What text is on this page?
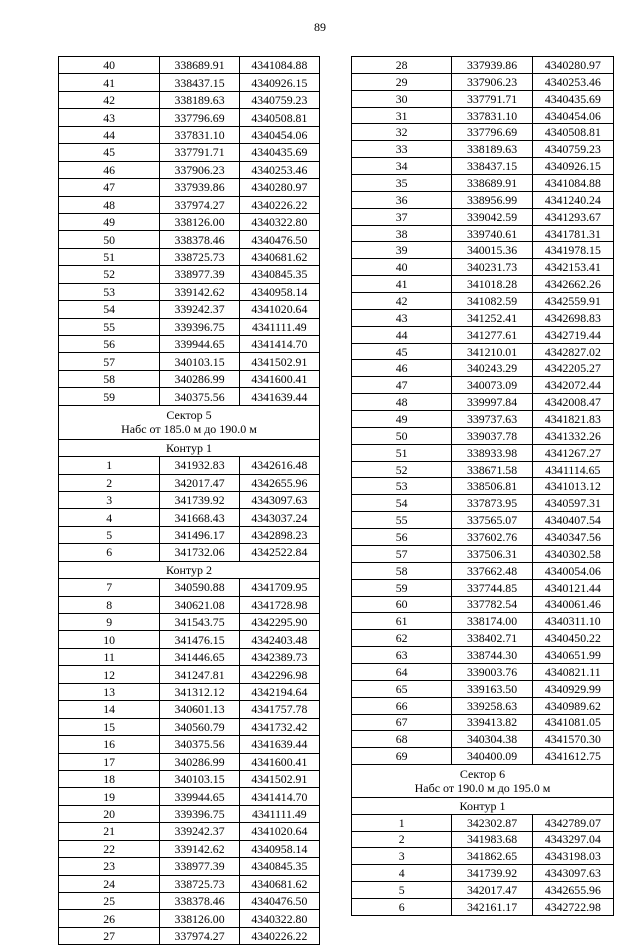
89
40	338689.91	4341084.88
41	338437.15	4340926.15
42	338189.63	4340759.23
43	337796.69	4340508.81
44	337831.10	4340454.06
45	337791.71	4340435.69
46	337906.23	4340253.46
47	337939.86	4340280.97
48	337974.27	4340226.22
49	338126.00	4340322.80
50	338378.46	4340476.50
51	338725.73	4340681.62
52	338977.39	4340845.35
53	339142.62	4340958.14
54	339242.37	4341020.64
55	339396.75	4341111.49
56	339944.65	4341414.70
57	340103.15	4341502.91
58	340286.99	4341600.41
59	340375.56	4341639.44
Сектор 5
Набс от 185.0 м до 190.0 м		
Контур 1		
1	341932.83	4342616.48
2	342017.47	4342655.96
3	341739.92	4343097.63
4	341668.43	4343037.24
5	341496.17	4342898.23
6	341732.06	4342522.84
Контур 2		
7	340590.88	4341709.95
8	340621.08	4341728.98
9	341543.75	4342295.90
10	341476.15	4342403.48
11	341446.65	4342389.73
12	341247.81	4342296.98
13	341312.12	4342194.64
14	340601.13	4341757.78
15	340560.79	4341732.42
16	340375.56	4341639.44
17	340286.99	4341600.41
18	340103.15	4341502.91
19	339944.65	4341414.70
20	339396.75	4341111.49
21	339242.37	4341020.64
22	339142.62	4340958.14
23	338977.39	4340845.35
24	338725.73	4340681.62
25	338378.46	4340476.50
26	338126.00	4340322.80
27	337974.27	4340226.22
28	337939.86	4340280.97
29	337906.23	4340253.46
30	337791.71	4340435.69
31	337831.10	4340454.06
32	337796.69	4340508.81
33	338189.63	4340759.23
34	338437.15	4340926.15
35	338689.91	4341084.88
36	338956.99	4341240.24
37	339042.59	4341293.67
38	339740.61	4341781.31
39	340015.36	4341978.15
40	340231.73	4342153.41
41	341018.28	4342662.26
42	341082.59	4342559.91
43	341252.41	4342698.83
44	341277.61	4342719.44
45	341210.01	4342827.02
46	340243.29	4342205.27
47	340073.09	4342072.44
48	339997.84	4342008.47
49	339737.63	4341821.83
50	339037.78	4341332.26
51	338933.98	4341267.27
52	338671.58	4341114.65
53	338506.81	4341013.12
54	337873.95	4340597.31
55	337565.07	4340407.54
56	337602.76	4340347.56
57	337506.31	4340302.58
58	337662.48	4340054.06
59	337744.85	4340121.44
60	337782.54	4340061.46
61	338174.00	4340311.10
62	338402.71	4340450.22
63	338744.30	4340651.99
64	339003.76	4340821.11
65	339163.50	4340929.99
66	339258.63	4340989.62
67	339413.82	4341081.05
68	340304.38	4341570.30
69	340400.09	4341612.75
Сектор 6
Набс от 190.0 м до 195.0 м		
Контур 1		
1	342302.87	4342789.07
2	341983.68	4343297.04
3	341862.65	4343198.03
4	341739.92	4343097.63
5	342017.47	4342655.96
6	342161.17	4342722.98
